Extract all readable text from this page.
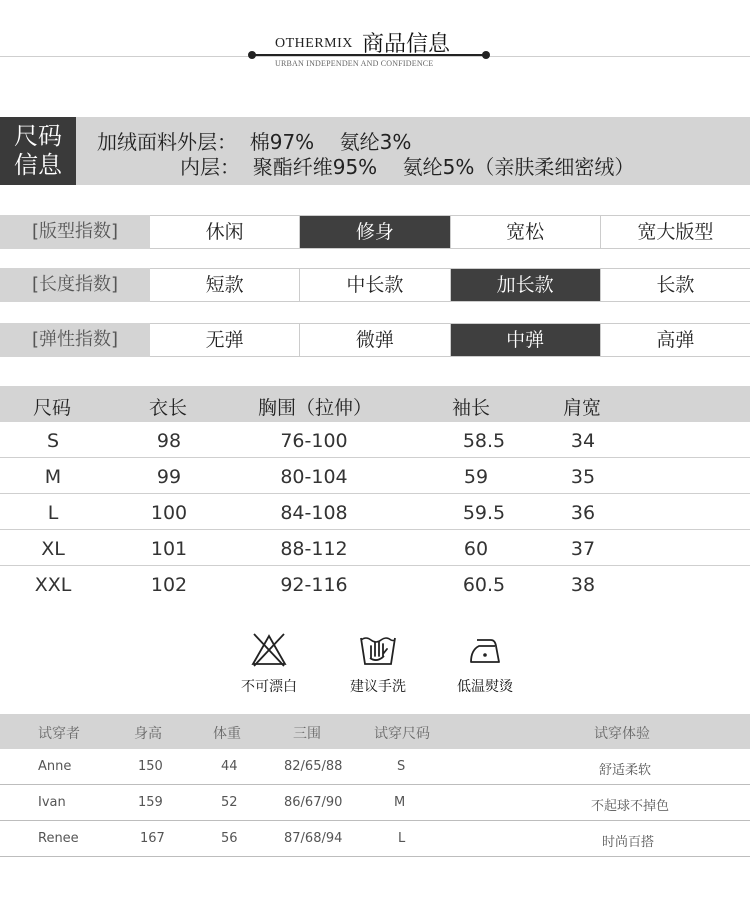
OTHERMIX 商品信息
URBAN INDEPENDEN AND CONFIDENCE
尺码
信息
加绒面料外层：  棉97%    氨纶3%
内层：  聚酯纤维95%    氨纶5%（亲肤柔细密绒）
[版型指数]	休闲	修身	宽松	宽大版型
[长度指数]	短款	中长款	加长款	长款
[弹性指数]	无弹	微弹	中弹	高弹
尺码	衣长	胸围（拉伸）	袖长	肩宽
S	98	76-100	58.5	34
M	99	80-104	59	35
L	100	84-108	59.5	36
XL	101	88-112	60	37
XXL	102	92-116	60.5	38
不可漂白	建议手洗	低温熨烫
试穿者	身高	体重	三围	试穿尺码	试穿体验
Anne	150	44	82/65/88	S	舒适柔软
Ivan	159	52	86/67/90	M	不起球不掉色
Renee	167	56	87/68/94	L	时尚百搭
